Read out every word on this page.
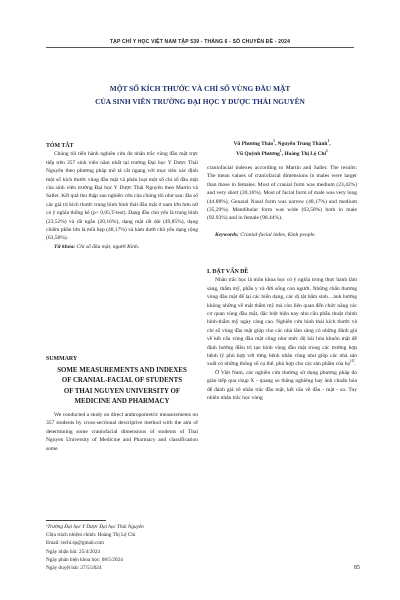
TẠP CHÍ Y HỌC VIỆT NAM TẬP 539 - THÁNG 6 - SỐ CHUYÊN ĐỀ - 2024
MỘT SỐ KÍCH THƯỚC VÀ CHỈ SỐ VÙNG ĐẦU MẶT
CỦA SINH VIÊN TRƯỜNG ĐẠI HỌC Y DƯỢC THÁI NGUYÊN
TÓM TẮT
Chúng tôi tiến hành nghiên cứu đo nhân trắc vùng đầu mặt trực tiếp trên 357 sinh viên năm nhất tại trường Đại học Y Dược Thái Nguyên theo phương pháp mô tả cắt ngang với mục tiêu xác định một số kích thước vùng đầu mặt và phân loại một số chỉ số đầu mặt của sinh viên trường Đại học Y Dược Thái Nguyên theo Martin và Saller. Kết quả thu thập sau nghiên cứu của chúng tôi như sau: Đa số các giá trị kích thước trung bình hình thái đầu mặt ở nam lớn hơn nữ có ý nghĩa thống kê (p< 0,05,T-test). Dạng đầu chủ yếu là trung bình (23,52%) và rất ngắn (20,16%), dạng mặt rất dài (49,85%), dạng chiếm phần lớn là mũi hẹp (48,17%) và hàm dưới chủ yếu dạng rộng (63,58%).
Từ khóa: Chỉ số đầu mặt, người Kinh.
SUMMARY
SOME MEASUREMENTS AND INDEXES
OF CRANIAL-FACIAL OF STUDENTS
OF THAI NGUYEN UNIVERSITY OF
MEDICINE AND PHARMACY
We conducted a study on direct anthropometric measurements on 357 students by cross-sectional descriptive method with the aim of determining some craniofacial dimensions of students of Thai Nguyen University of Medicine and Pharmacy and classification some
¹Trường Đại học Y Dược Đại học Thái Nguyên
Chịu trách nhiệm chính: Hoàng Thị Lệ Chi
Email: lechi.sp@gmail.com
Ngày nhận bài: 25/4/2024
Ngày phản biện khoa học: 08/5/2024
Ngày duyệt bài: 27/5/2024
Vũ Phương Thảo$^1$, Nguyễn Trung Thành$^1$,
Vũ Quỳnh Phương$^1$, Hoàng Thị Lệ Chi$^1$
craniofacial indexes according to Martin and Saller. The results: The mean values of craniofacial dimensions in males were larger than those in females. Most of cranial form was medium (23,42%) and very short (20,16%). Most of facial form of male was very long (44.88%), Genaral Nasal form was narrow (48,17%) and medium (35,29%). Mandibular form was wide (63,58%) both in male (92.93%) and in female (98.44%).
Keywords: Cranial-facial index, Kinh people.
I. ĐẶT VẤN ĐỀ
Nhân trắc học là môn khoa học có ý nghĩa trong thực hành lâm sàng, thẩm mỹ, phẫu y và đời sống con người. Những chẩn thương vùng đầu mặt để lại các biến dạng, các dị tật bẩm sinh…ảnh hưởng không những về mặt thẩm mỹ mà còn liên quan đến chức năng các cơ quan vùng đầu mặt, đặc biệt hiện nay nhu cầu phẫu thuật chỉnh hình-thẩm mỹ ngày càng cao. Nghiên cứu hình thái kích thước và chỉ số vùng đầu mặt giúp cho các nhà lâm sàng có những đánh giá về kết cấu vùng đầu mặt cũng như mức độ hài hòa khuôn mặt để định hướng điều trị tạo hình vùng đầu mặt trong các trường hợp bệnh lý phù hợp với từng bệnh nhân cũng như giúp các nhà sản xuất có những thông số cụ thể, phù hợp cho các sản phẩm của họ[4].
Ở Việt Nam, các nghiên cứu thường sử dụng phương pháp đo gián tiếp qua chụp X - quang so thẳng nghiêng hay ảnh chuẩn hóa để đánh giá về nhân trắc đầu mặt, kết cấu về đầu - mặt - so. Tuy nhiên nhân trắc học vùng
85
